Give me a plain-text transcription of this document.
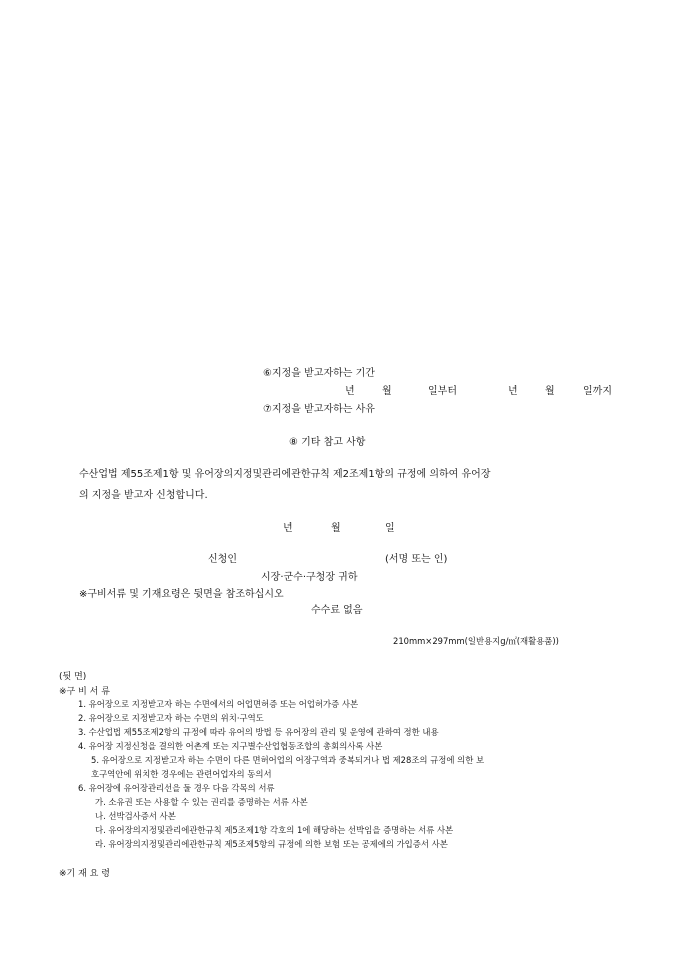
⑥지정을 받고자하는 기간
년	월	일부터	년	월	일까지
⑦지정을 받고자하는 사유
⑧ 기타 참고 사항
수산업법 제55조제1항 및 유어장의지정및관리에관한규칙 제2조제1항의 규정에 의하여 유어장
의 지정을 받고자 신청합니다.
년	월	일
신청인	(서명 또는 인)
시장·군수·구청장 귀하
※구비서류 및 기재요령은 뒷면을 참조하십시오
수수료 없음
210mm×297mm(일반용지g/㎡(재활용품))
(뒷 면)
※구 비 서 류
1. 유어장으로 지정받고자 하는 수면에서의 어업면허증 또는 어업허가증 사본
2. 유어장으로 지정받고자 하는 수면의 위치·구역도
3. 수산업법 제55조제2항의 규정에 따라 유어의 방법 등 유어장의 관리 및 운영에 관하여 정한 내용
4. 유어장 지정신청을 결의한 어촌계 또는 지구별수산업협동조합의 총회의사록 사본
5. 유어장으로 지정받고자 하는 수면이 다른 면허어업의 어장구역과 중복되거나 법 제28조의 규정에 의한 보
호구역안에 위치한 경우에는 관련어업자의 동의서
6. 유어장에 유어장관리선을 둘 경우 다음 각목의 서류
가. 소유권 또는 사용할 수 있는 권리를 증명하는 서류 사본
나. 선박검사증서 사본
다. 유어장의지정및관리에관한규칙 제5조제1항 각호의 1에 해당하는 선박임을 증명하는 서류 사본
라. 유어장의지정및관리에관한규칙 제5조제5항의 규정에 의한 보험 또는 공제에의 가입증서 사본
※기 재 요 령
